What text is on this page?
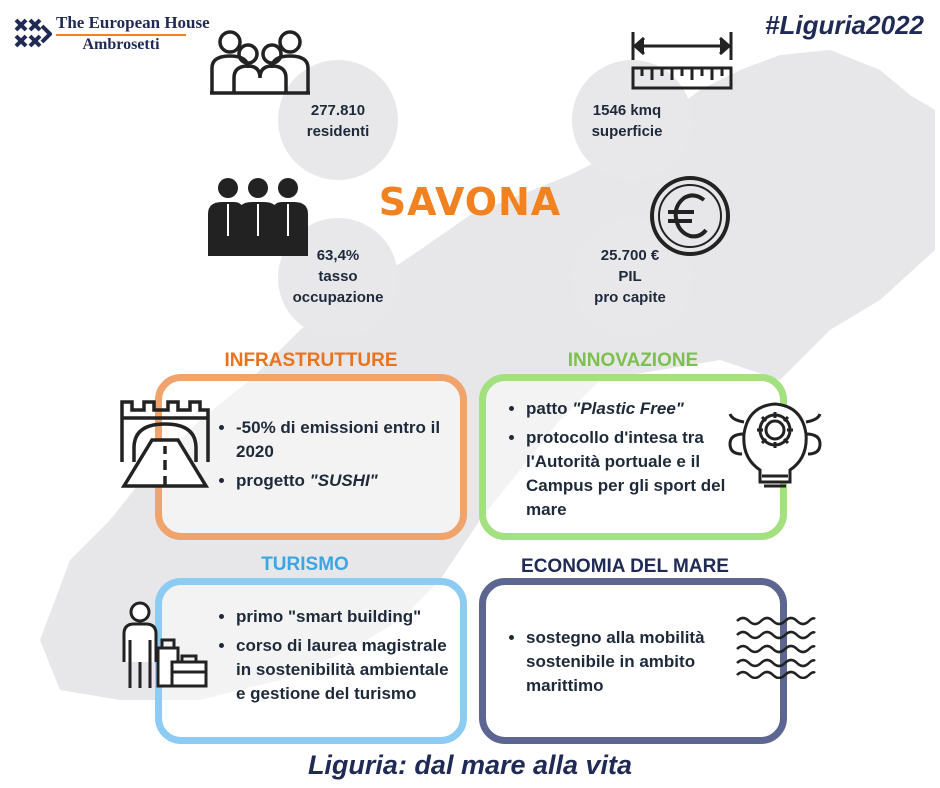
The European House
Ambrosetti
#Liguria2022
277.810
residenti
1546 kmq
superficie
63,4%
tasso
occupazione
25.700 €
PIL
pro capite
SAVONA
INFRASTRUTTURE
• -50% di emissioni entro il 2020
• progetto "SUSHI"
INNOVAZIONE
• patto "Plastic Free"
• protocollo d'intesa tra l'Autorità portuale e il Campus per gli sport del mare
TURISMO
• primo "smart building"
• corso di laurea magistrale in sostenibilità ambientale e gestione del turismo
ECONOMIA DEL MARE
• sostegno alla mobilità sostenibile in ambito marittimo
Liguria: dal mare alla vita
